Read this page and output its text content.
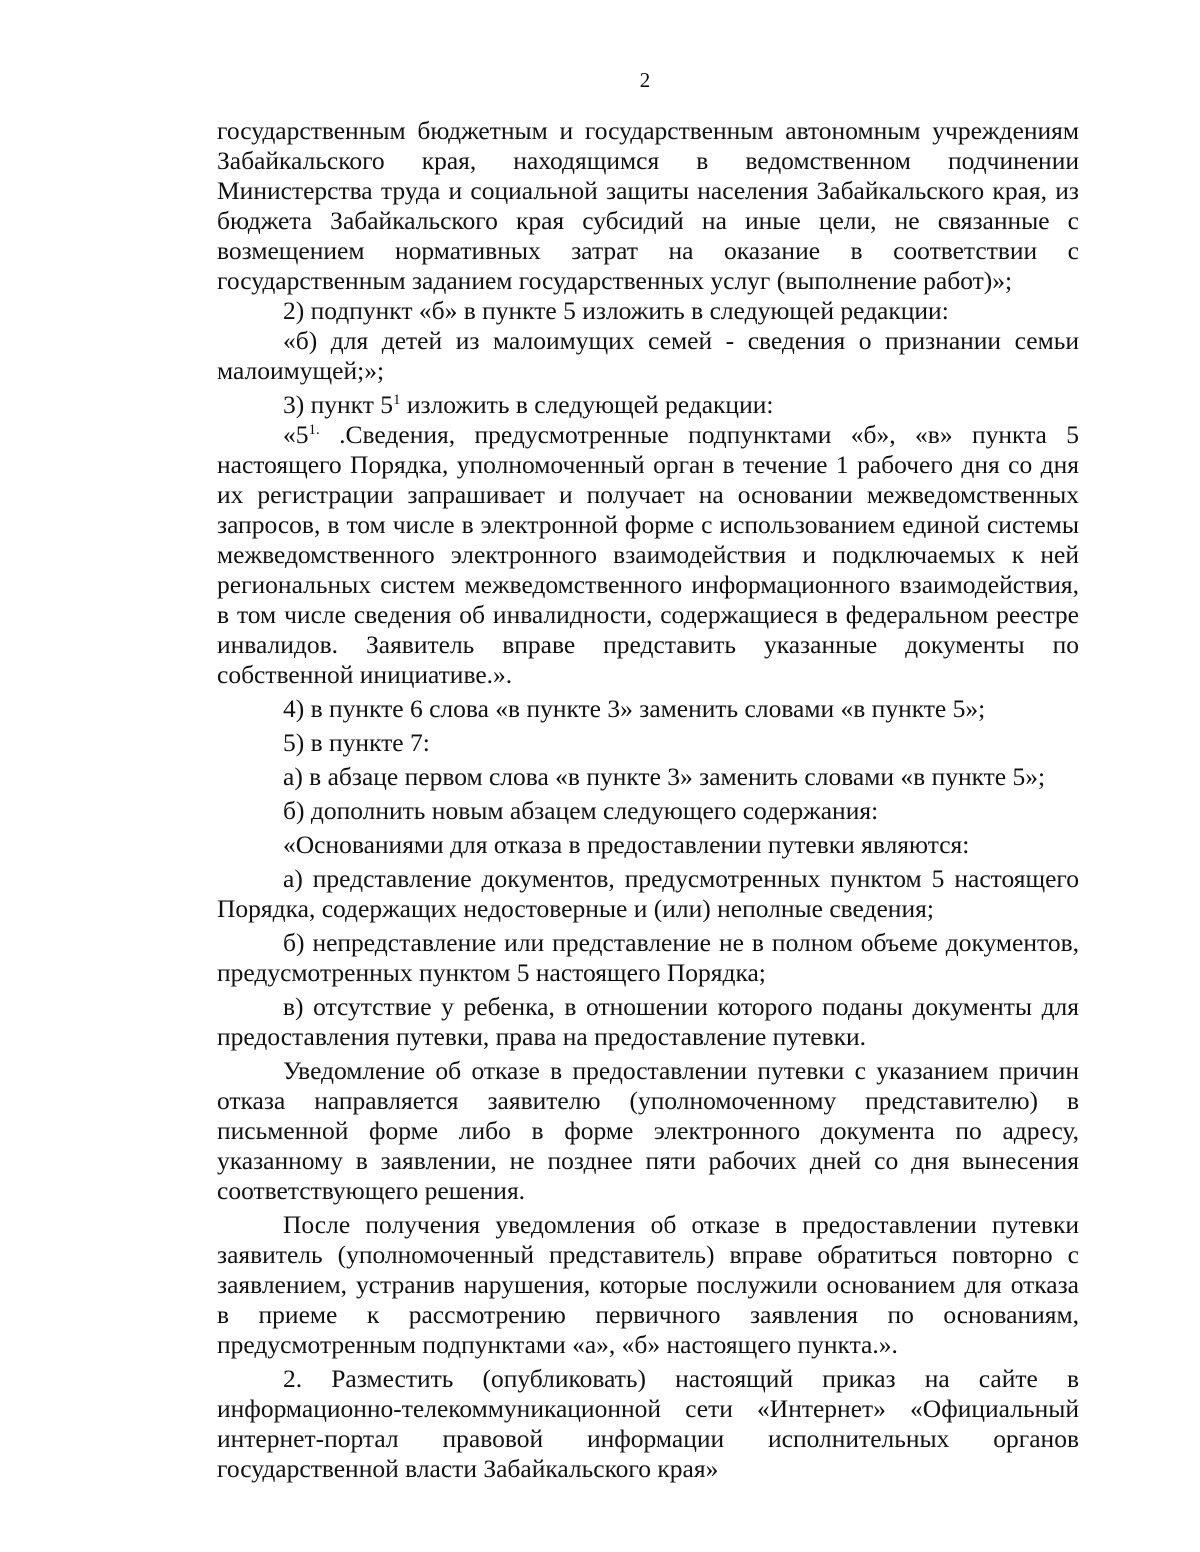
2

государственным бюджетным и государственным автономным учреждениям Забайкальского края, находящимся в ведомственном подчинении Министерства труда и социальной защиты населения Забайкальского края, из бюджета Забайкальского края субсидий на иные цели, не связанные с возмещением нормативных затрат на оказание в соответствии с государственным заданием государственных услуг (выполнение работ)»;

2) подпункт «б» в пункте 5 изложить в следующей редакции:

«б) для детей из малоимущих семей - сведения о признании семьи малоимущей;»;

3) пункт $5^1$ изложить в следующей редакции:

«$5^{1.}$ .Сведения, предусмотренные подпунктами «б», «в» пункта 5 настоящего Порядка, уполномоченный орган в течение 1 рабочего дня со дня их регистрации запрашивает и получает на основании межведомственных запросов, в том числе в электронной форме с использованием единой системы межведомственного электронного взаимодействия и подключаемых к ней региональных систем межведомственного информационного взаимодействия, в том числе сведения об инвалидности, содержащиеся в федеральном реестре инвалидов. Заявитель вправе представить указанные документы по собственной инициативе.».

4) в пункте 6 слова «в пункте 3» заменить словами «в пункте 5»;

5) в пункте 7:

а) в абзаце первом слова «в пункте 3» заменить словами «в пункте 5»;

б) дополнить новым абзацем следующего содержания:

«Основаниями для отказа в предоставлении путевки являются:

а) представление документов, предусмотренных пунктом 5 настоящего Порядка, содержащих недостоверные и (или) неполные сведения;

б) непредставление или представление не в полном объеме документов, предусмотренных пунктом 5 настоящего Порядка;

в) отсутствие у ребенка, в отношении которого поданы документы для предоставления путевки, права на предоставление путевки.

Уведомление об отказе в предоставлении путевки с указанием причин отказа направляется заявителю (уполномоченному представителю) в письменной форме либо в форме электронного документа по адресу, указанному в заявлении, не позднее пяти рабочих дней со дня вынесения соответствующего решения.

После получения уведомления об отказе в предоставлении путевки заявитель (уполномоченный представитель) вправе обратиться повторно с заявлением, устранив нарушения, которые послужили основанием для отказа в приеме к рассмотрению первичного заявления по основаниям, предусмотренным подпунктами «а», «б» настоящего пункта.».

2. Разместить (опубликовать) настоящий приказ на сайте в информационно-телекоммуникационной сети «Интернет» «Официальный интернет-портал правовой информации исполнительных органов государственной власти Забайкальского края»
